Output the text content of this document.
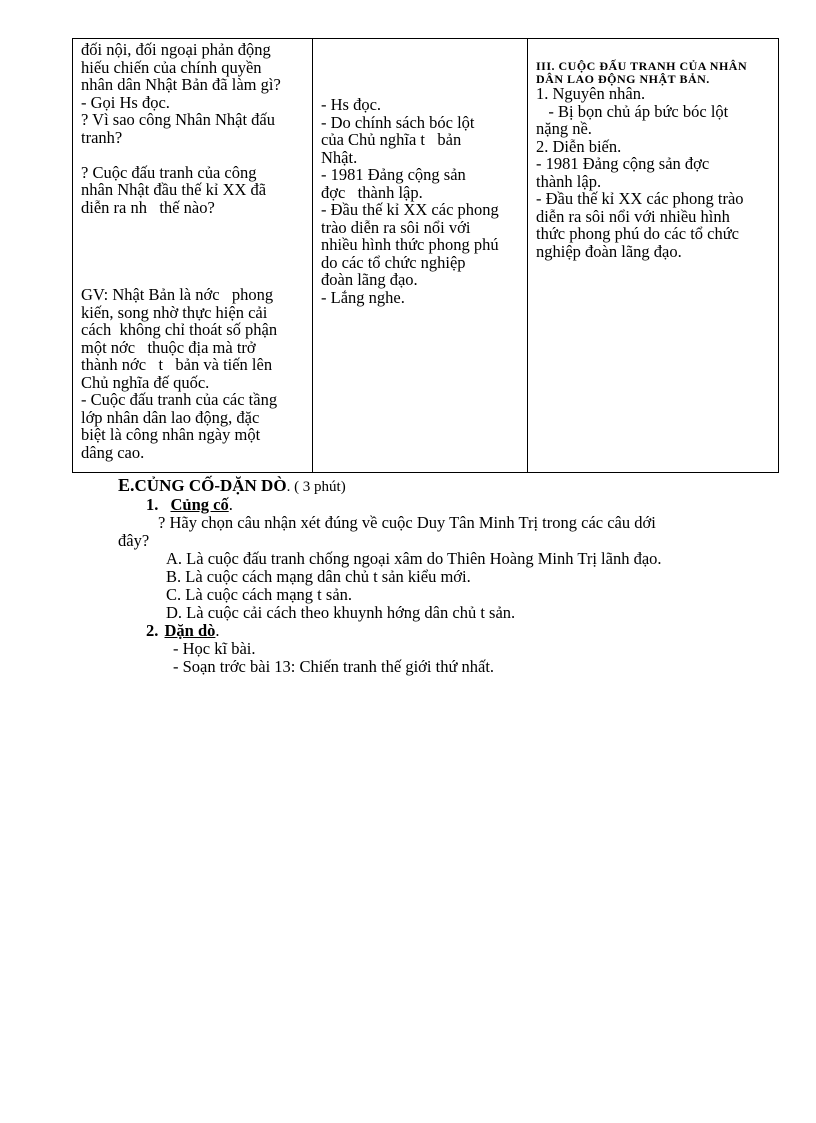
đối nội, đối ngoại phản động
hiếu chiến của chính quyền
nhân dân Nhật Bản đã làm gì?
- Gọi Hs đọc.
? Vì sao công Nhân Nhật đấu
tranh?
? Cuộc đấu tranh của công
nhân Nhật đầu thế kỉ XX đã
diễn ra nh   thế nào?
GV: Nhật Bản là nớc   phong
kiến, song nhờ thực hiện cải
cách  không chỉ thoát số phận
một nớc   thuộc địa mà trở
thành nớc   t   bản và tiến lên
Chủ nghĩa đế quốc.
- Cuộc đấu tranh của các tầng
lớp nhân dân lao động, đặc
biệt là công nhân ngày một
dâng cao.

- Hs đọc.
- Do chính sách bóc lột
của Chủ nghĩa t   bản
Nhật.
- 1981 Đảng cộng sản
đợc   thành lập.
- Đầu thế kỉ XX các phong
trào diễn ra sôi nổi với
nhiều hình thức phong phú
do các tổ chức nghiệp
đoàn lãng đạo.
- Lắng nghe.

III. CUỘC ĐẤU TRANH CỦA NHÂN
DÂN LAO ĐỘNG NHẬT BẢN.
1. Nguyên nhân.
- Bị bọn chủ áp bức bóc lột
nặng nề.
2. Diễn biến.
- 1981 Đảng cộng sản đợc
thành lập.
- Đầu thế kỉ XX các phong trào
diễn ra sôi nổi với nhiều hình
thức phong phú do các tổ chức
nghiệp đoàn lãng đạo.
E.CỦNG CỐ-DẶN DÒ. ( 3 phút)
1. Củng cố.
? Hãy chọn câu nhận xét đúng về cuộc Duy Tân Minh Trị trong các câu dới
đây?
A. Là cuộc đấu tranh chống ngoại xâm do Thiên Hoàng Minh Trị lãnh đạo.
B. Là cuộc cách mạng dân chủ t sản kiểu mới.
C. Là cuộc cách mạng t sản.
D. Là cuộc cải cách theo khuynh hớng dân chủ t sản.
2. Dặn dò.
- Học kĩ bài.
- Soạn trớc bài 13: Chiến tranh thế giới thứ nhất.
